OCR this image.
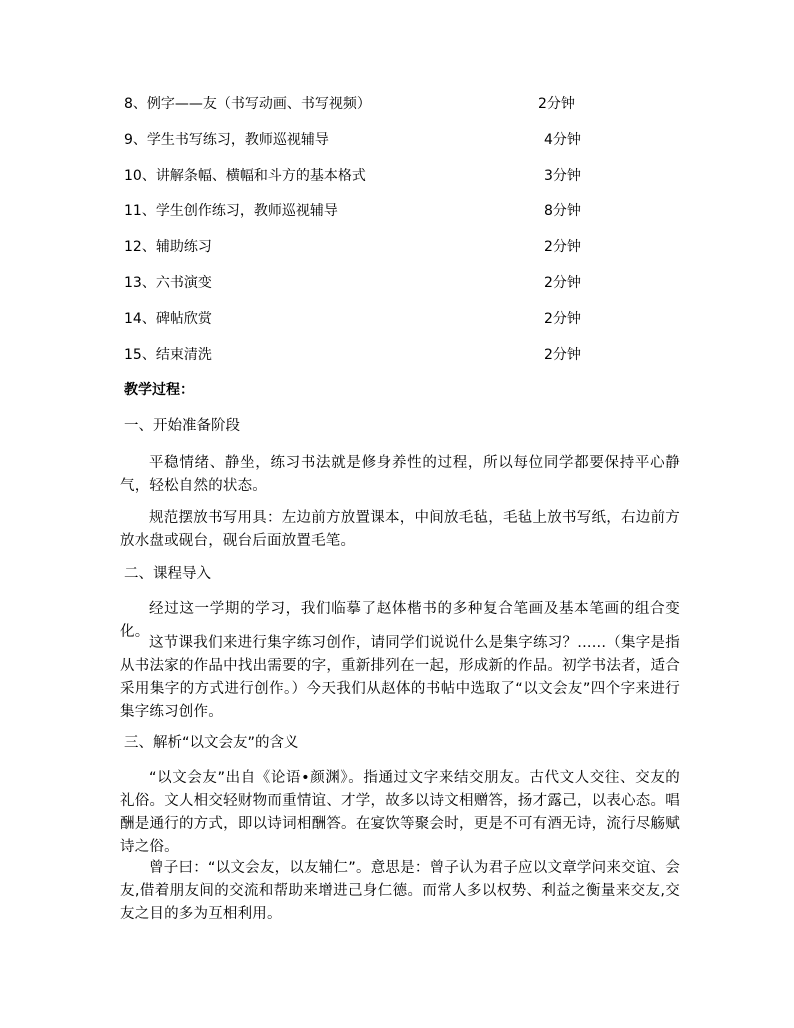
8、例字——友（书写动画、书写视频）	2分钟
9、学生书写练习，教师巡视辅导	4分钟
10、讲解条幅、横幅和斗方的基本格式	3分钟
11、学生创作练习，教师巡视辅导	8分钟
12、辅助练习	2分钟
13、六书演变	2分钟
14、碑帖欣赏	2分钟
15、结束清洗	2分钟
教学过程：
一、开始准备阶段
平稳情绪、静坐，练习书法就是修身养性的过程，所以每位同学都要保持平心静气，轻松自然的状态。
规范摆放书写用具：左边前方放置课本，中间放毛毡，毛毡上放书写纸，右边前方放水盘或砚台，砚台后面放置毛笔。
二、课程导入
经过这一学期的学习，我们临摹了赵体楷书的多种复合笔画及基本笔画的组合变化。
这节课我们来进行集字练习创作，请同学们说说什么是集字练习？......（集字是指从书法家的作品中找出需要的字，重新排列在一起，形成新的作品。初学书法者，适合采用集字的方式进行创作。）今天我们从赵体的书帖中选取了“以文会友”四个字来进行集字练习创作。
三、解析“以文会友”的含义
“以文会友”出自《论语•颜渊》。指通过文字来结交朋友。古代文人交往、交友的礼俗。文人相交轻财物而重情谊、才学，故多以诗文相赠答，扬才露己，以表心态。唱酬是通行的方式，即以诗词相酬答。在宴饮等聚会时，更是不可有酒无诗，流行尽觞赋诗之俗。
曾子曰：“以文会友，以友辅仁”。意思是：曾子认为君子应以文章学问来交谊、会友,借着朋友间的交流和帮助来增进己身仁德。而常人多以权势、利益之衡量来交友,交友之目的多为互相利用。
